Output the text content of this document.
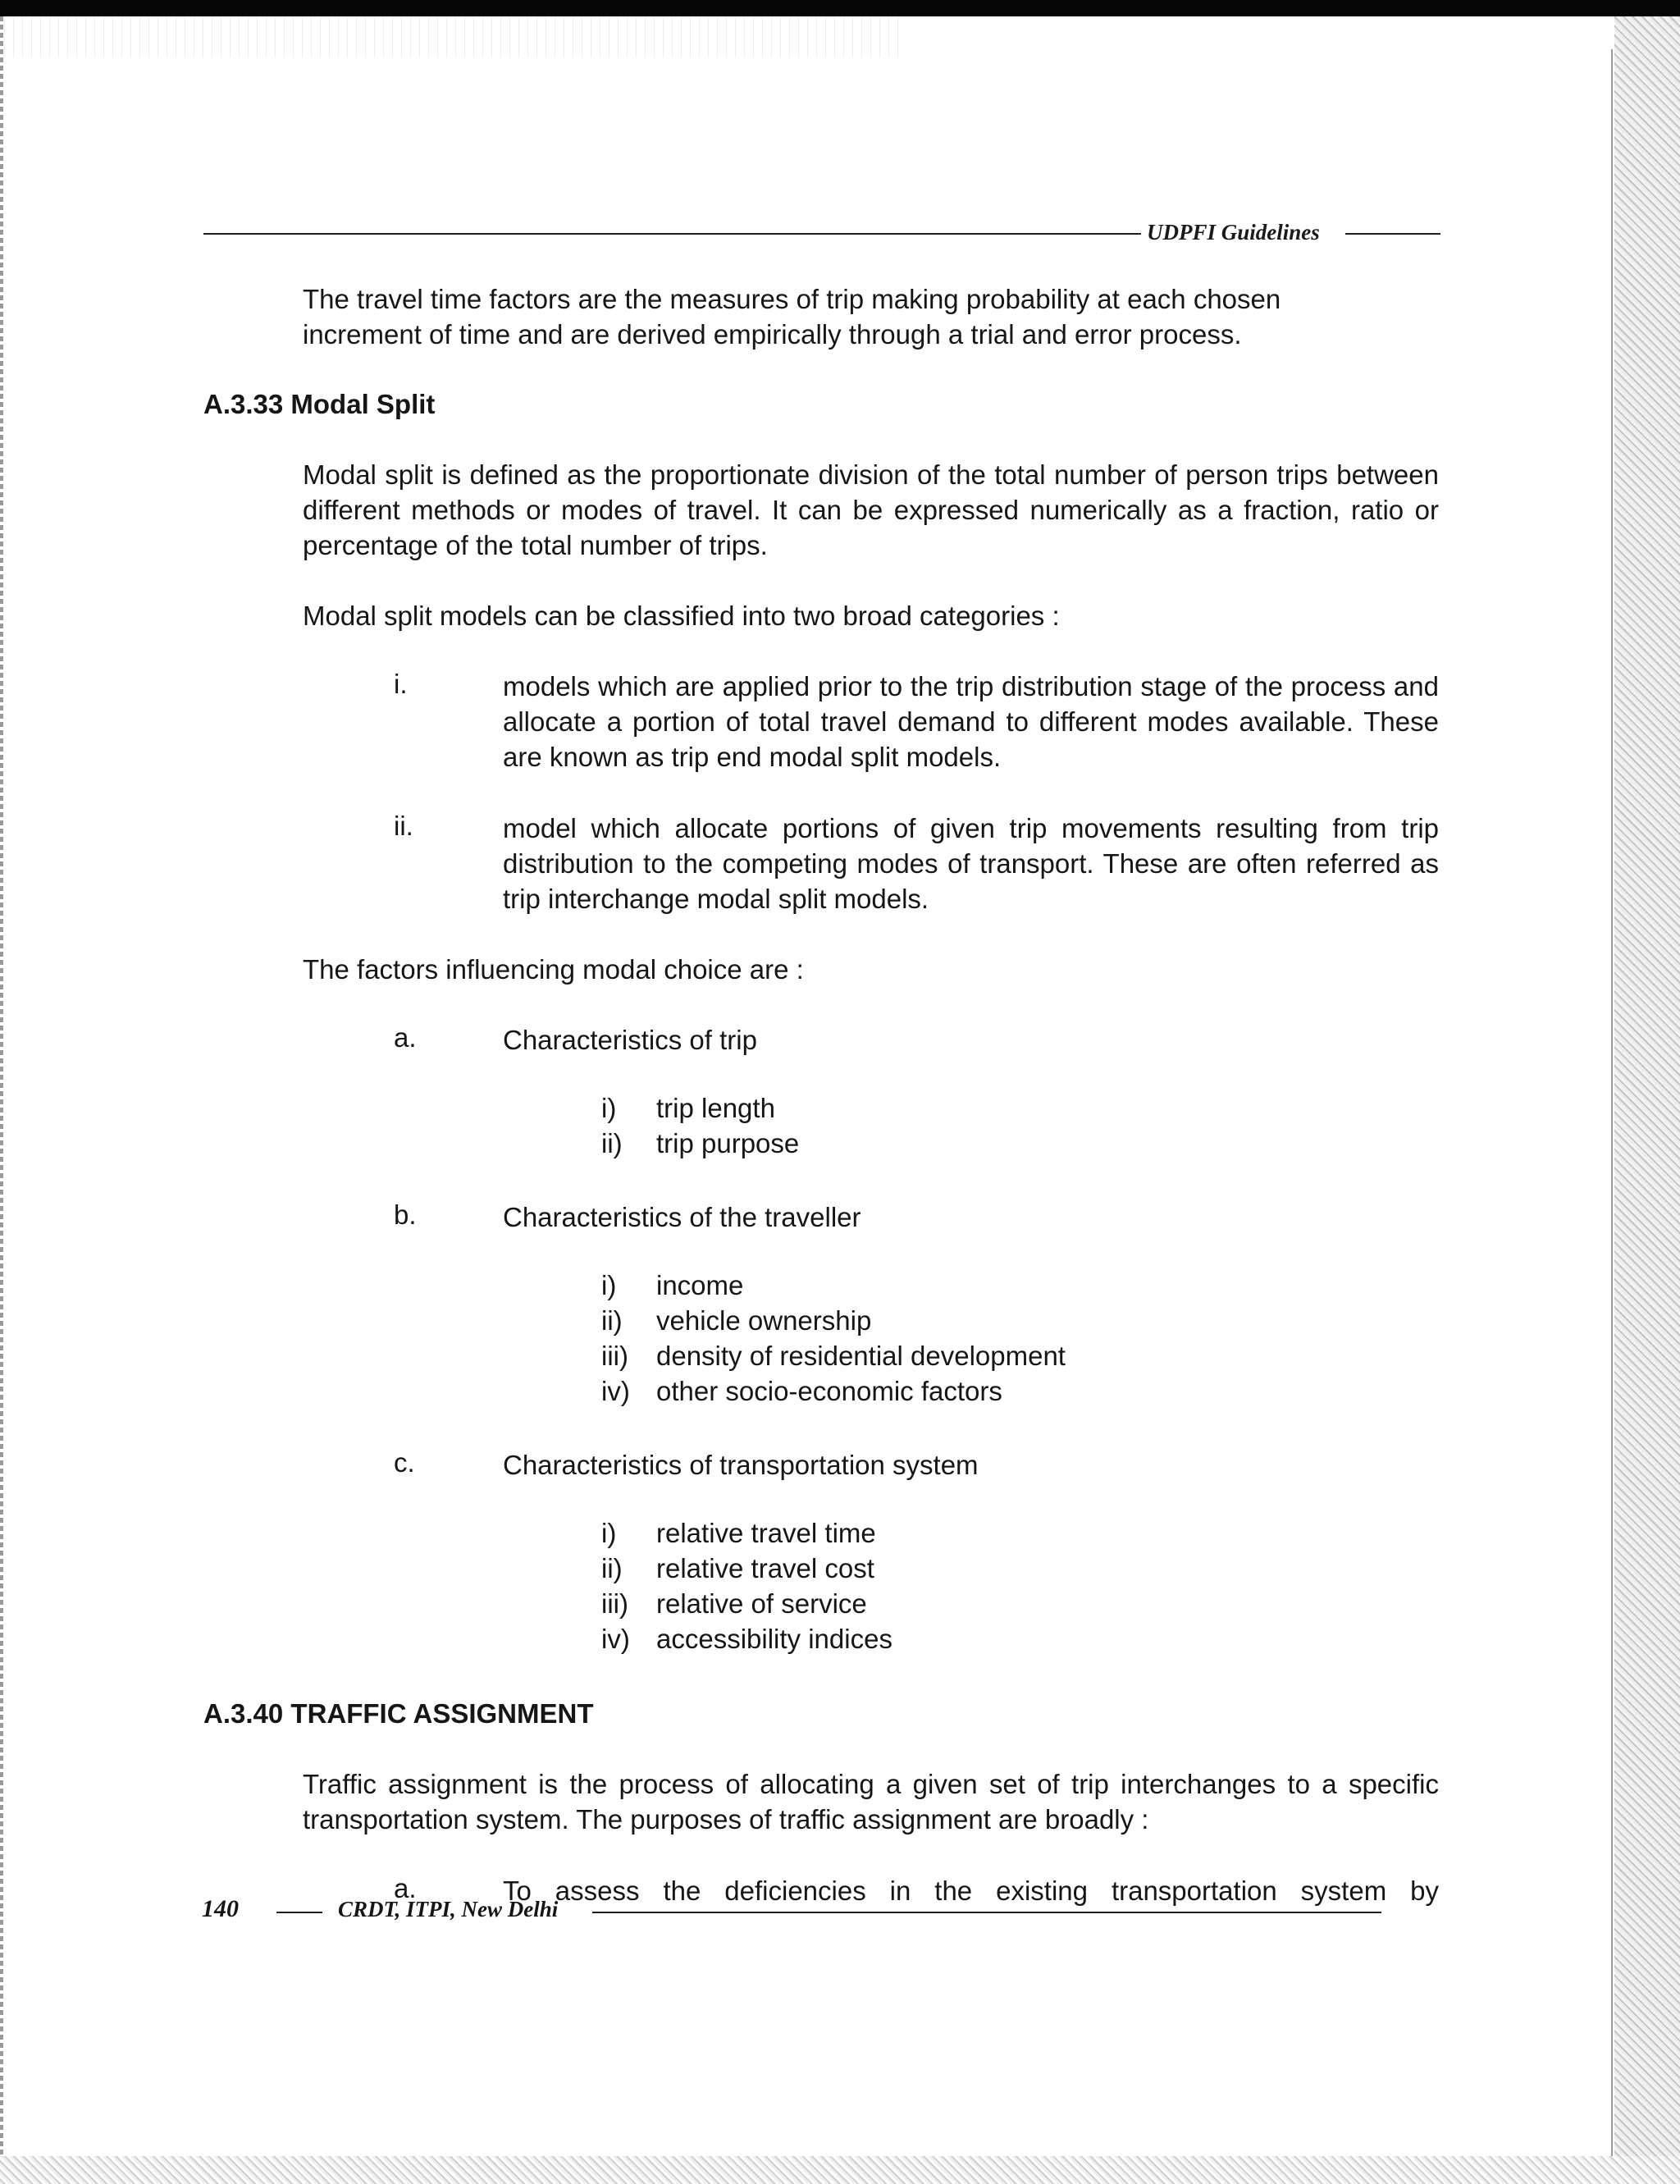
UDPFI Guidelines
The travel time factors are the measures of trip making probability at each chosen
increment of time and are derived empirically through a trial and error process.
A.3.33 Modal Split

Modal split is defined as the proportionate division of the total number of person trips between different methods or modes of travel. It can be expressed numerically as a fraction, ratio or percentage of the total number of trips.

Modal split models can be classified into two broad categories :

i.	models which are applied prior to the trip distribution stage of the process and allocate a portion of total travel demand to different modes available. These are known as trip end modal split models.

ii.	model which allocate portions of given trip movements resulting from trip distribution to the competing modes of transport. These are often referred as trip interchange modal split models.

The factors influencing modal choice are :

a.	Characteristics of trip
i) trip length
ii) trip purpose
b.	Characteristics of the traveller
i) income
ii) vehicle ownership
iii) density of residential development
iv) other socio-economic factors
c.	Characteristics of transportation system
i) relative travel time
ii) relative travel cost
iii) relative of service
iv) accessibility indices
A.3.40 TRAFFIC ASSIGNMENT

Traffic assignment is the process of allocating a given set of trip interchanges to a specific transportation system. The purposes of traffic assignment are broadly :

a.	To assess the deficiencies in the existing transportation system by
140	CRDT, ITPI, New Delhi
